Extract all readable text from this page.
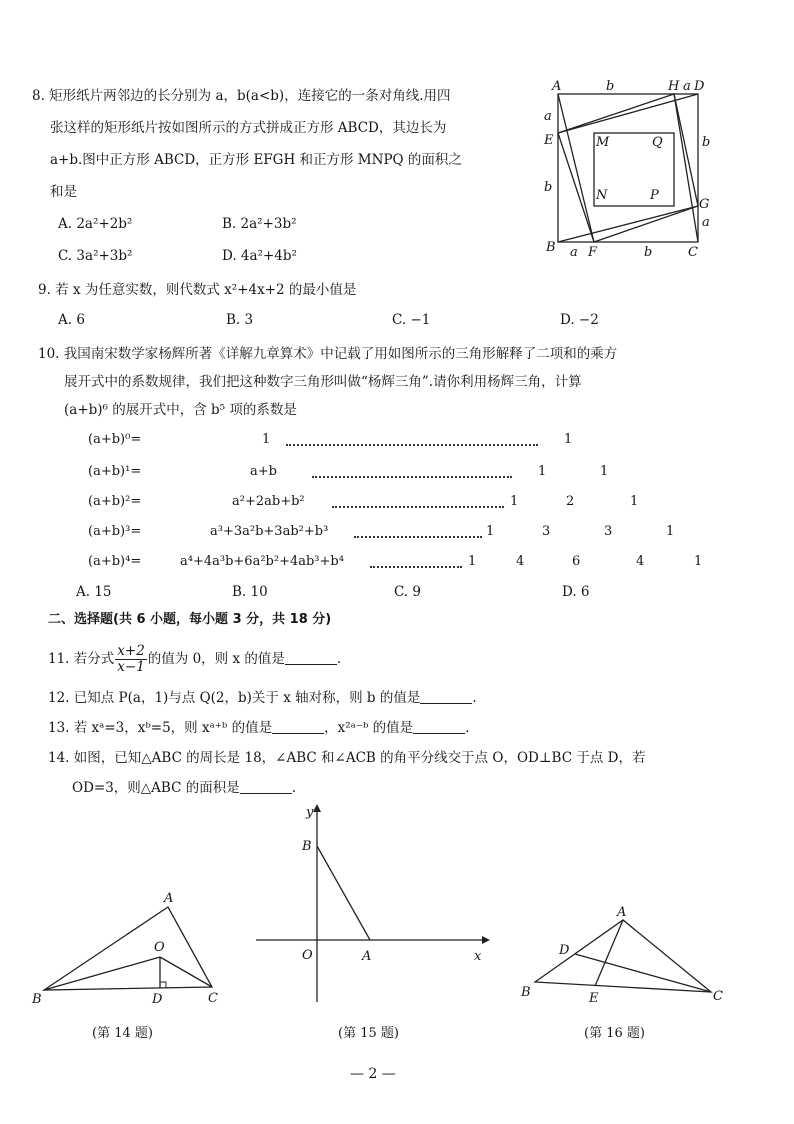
8. 矩形纸片两邻边的长分别为 a，b(a<b)，连接它的一条对角线.用四
张这样的矩形纸片按如图所示的方式拼成正方形 ABCD，其边长为
a+b.图中正方形 ABCD，正方形 EFGH 和正方形 MNPQ 的面积之
和是
A. 2a²+2b²	B. 2a²+3b²
C. 3a²+3b²	D. 4a²+4b²
A
B	C
D
E
F
G
H
M
N	P
Q
b	a
a
b
b
a
a	b
9. 若 x 为任意实数，则代数式 x²+4x+2 的最小值是
A. 6	B. 3	C. −1	D. −2
10. 我国南宋数学家杨辉所著《详解九章算术》中记载了用如图所示的三角形解释了二项和的乘方
展开式中的系数规律，我们把这种数字三角形叫做“杨辉三角”.请你利用杨辉三角，计算
(a+b)⁶ 的展开式中，含 b⁵ 项的系数是
(a+b)⁰=	1	1
(a+b)¹=	a+b	1	1
(a+b)²=	a²+2ab+b²	1	2	1
(a+b)³=	a³+3a²b+3ab²+b³	1	3	3	1
(a+b)⁴=	a⁴+4a³b+6a²b²+4ab³+b⁴	1	4	6	4	1
A. 15	B. 10	C. 9	D. 6
二、选择题(共 6 小题，每小题 3 分，共 18 分)
11. 若分式 $\frac{x+2}{x-1}$ 的值为 0，则 x 的值是	.
12. 已知点 P(a，1)与点 Q(2，b)关于 x 轴对称，则 b 的值是	.
13. 若 xᵃ=3，xᵇ=5，则 xᵃ⁺ᵇ 的值是	，x²ᵃ⁻ᵇ 的值是	.
14. 如图，已知△ABC 的周长是 18，∠ABC 和∠ACB 的角平分线交于点 O，OD⊥BC 于点 D，若
OD=3，则△ABC 的面积是	.
A
B	C
D
O
(第 14 题)
x
y
O	A
B
(第 15 题)
A
B	C
D
E
(第 16 题)
— 2 —
